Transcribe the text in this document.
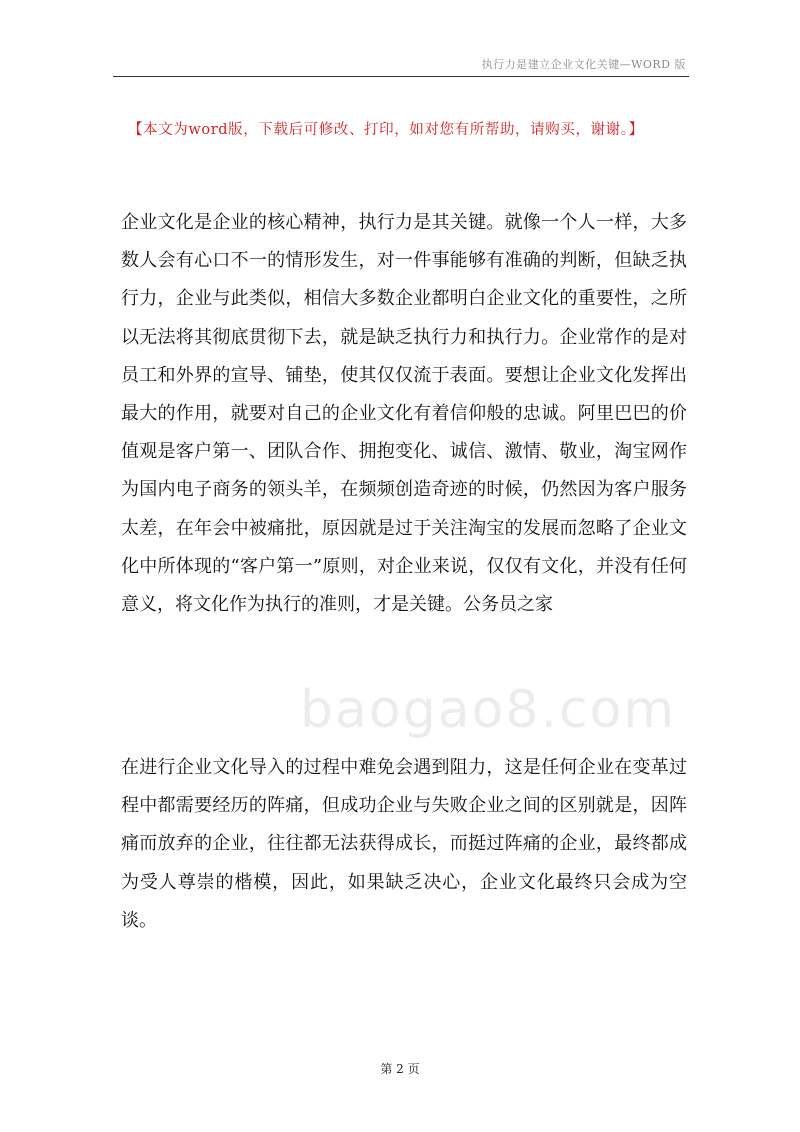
执行力是建立企业文化关键—WORD 版
【本文为word版，下载后可修改、打印，如对您有所帮助，请购买，谢谢。】
baogao8.com

企业文化是企业的核心精神，执行力是其关键。就像一个人一样，大多数人会有心口不一的情形发生，对一件事能够有准确的判断，但缺乏执行力，企业与此类似，相信大多数企业都明白企业文化的重要性，之所以无法将其彻底贯彻下去，就是缺乏执行力和执行力。企业常作的是对员工和外界的宣导、铺垫，使其仅仅流于表面。要想让企业文化发挥出最大的作用，就要对自己的企业文化有着信仰般的忠诚。阿里巴巴的价值观是客户第一、团队合作、拥抱变化、诚信、激情、敬业，淘宝网作为国内电子商务的领头羊，在频频创造奇迹的时候，仍然因为客户服务太差，在年会中被痛批，原因就是过于关注淘宝的发展而忽略了企业文化中所体现的“客户第一”原则，对企业来说，仅仅有文化，并没有任何意义，将文化作为执行的准则，才是关键。公务员之家

在进行企业文化导入的过程中难免会遇到阻力，这是任何企业在变革过程中都需要经历的阵痛，但成功企业与失败企业之间的区别就是，因阵痛而放弃的企业，往往都无法获得成长，而挺过阵痛的企业，最终都成为受人尊崇的楷模，因此，如果缺乏决心，企业文化最终只会成为空谈。

第 2 页
